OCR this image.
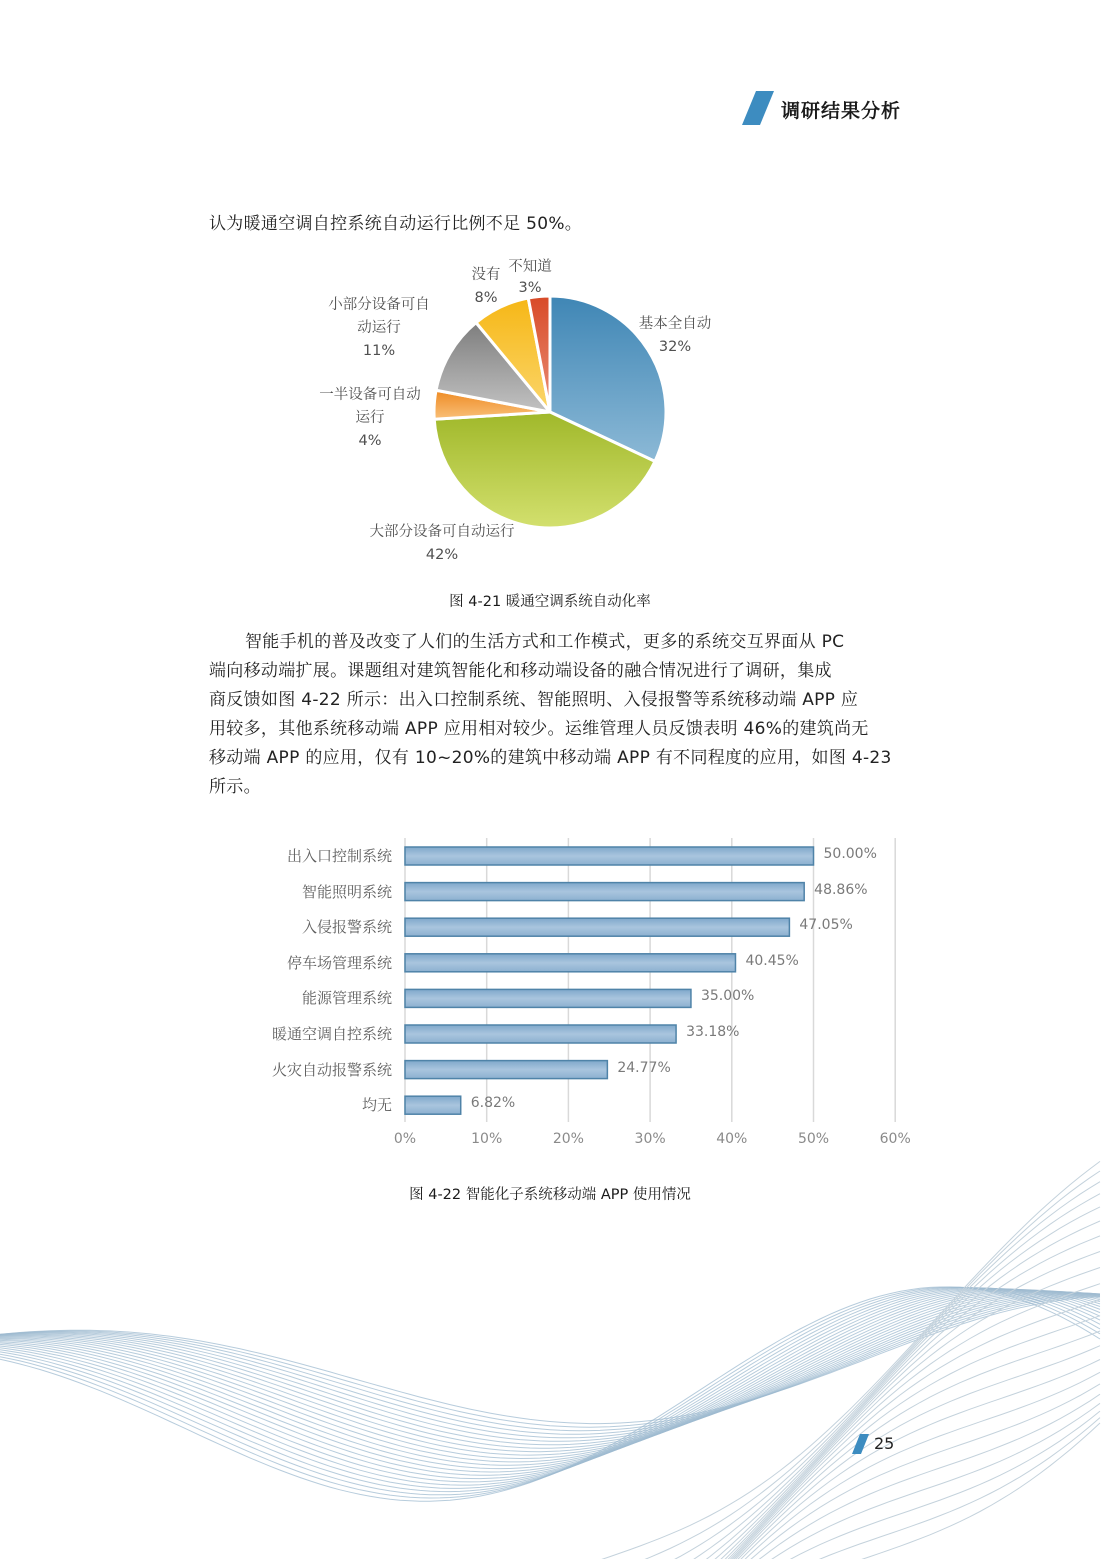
调研结果分析
认为暖通空调自控系统自动运行比例不足 50%。
基本全自动
32%
大部分设备可自动运行
42%
一半设备可自动
运行
4%
小部分设备可自
动运行
11%
没有
8%
不知道
3%
图 4-21 暖通空调系统自动化率
智能手机的普及改变了人们的生活方式和工作模式，更多的系统交互界面从 PC
端向移动端扩展。课题组对建筑智能化和移动端设备的融合情况进行了调研，集成
商反馈如图 4-22 所示：出入口控制系统、智能照明、入侵报警等系统移动端 APP 应
用较多，其他系统移动端 APP 应用相对较少。运维管理人员反馈表明 46%的建筑尚无
移动端 APP 的应用，仅有 10~20%的建筑中移动端 APP 有不同程度的应用，如图 4-23
所示。
0%	10%	20%	30%	40%	50%	60%
出入口控制系统	50.00%
智能照明系统	48.86%
入侵报警系统	47.05%
停车场管理系统	40.45%
能源管理系统	35.00%
暖通空调自控系统	33.18%
火灾自动报警系统	24.77%
均无	6.82%
图 4-22 智能化子系统移动端 APP 使用情况
25
